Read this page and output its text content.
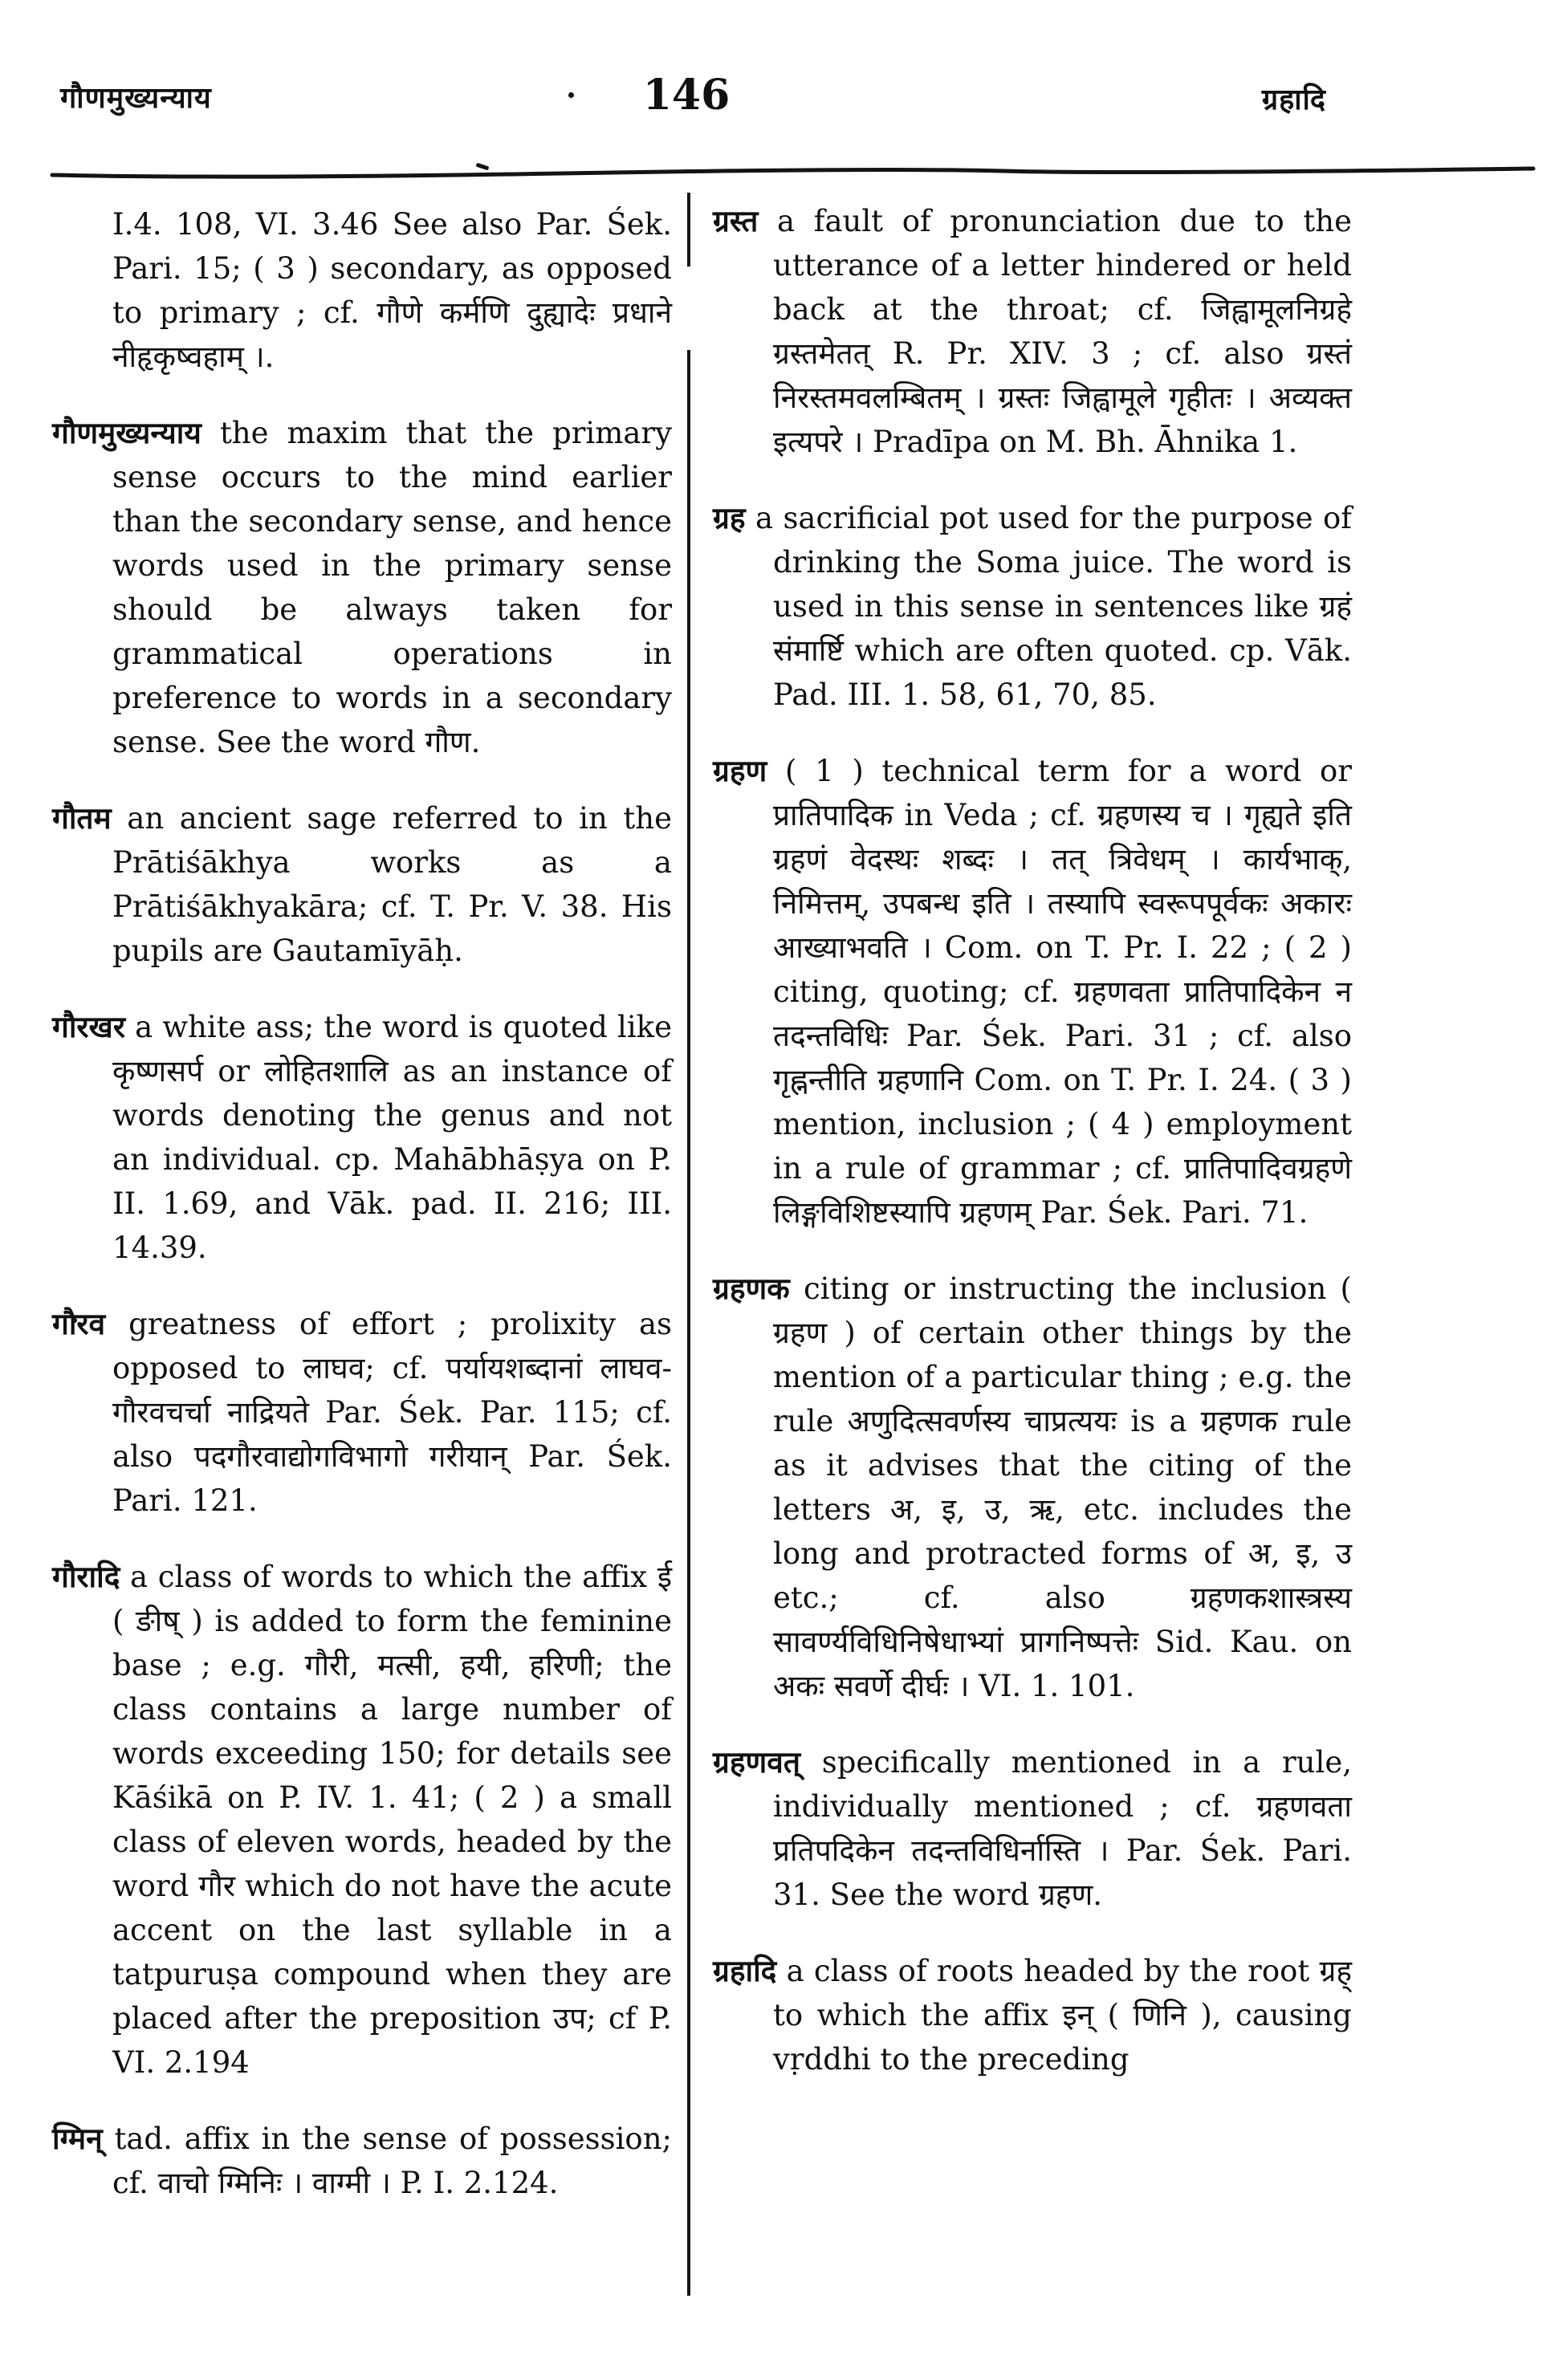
गौणमुख्यन्याय	146	ग्रहादि

I.4. 108, VI. 3.46 See also Par. Śek. Pari. 15; ( 3 ) secondary, as opposed to primary ; cf. गौणे कर्मणि दुह्यादेः प्रधाने नीहृकृष्वहाम् ।.

गौणमुख्यन्याय the maxim that the primary sense occurs to the mind earlier than the secondary sense, and hence words used in the primary sense should be always taken for grammatical operations in preference to words in a secondary sense. See the word गौण.

गौतम an ancient sage referred to in the Prātiśākhya works as a Prātiśākhyakāra; cf. T. Pr. V. 38. His pupils are Gautamīyāḥ.

गौरखर a white ass; the word is quoted like कृष्णसर्प or लोहितशालि as an instance of words denoting the genus and not an individual. cp. Mahābhāṣya on P. II. 1.69, and Vāk. pad. II. 216; III. 14.39.

गौरव greatness of effort ; prolixity as opposed to लाघव; cf. पर्यायशब्दानां लाघव-गौरवचर्चा नाद्रियते Par. Śek. Par. 115; cf. also पदगौरवाद्योगविभागो गरीयान् Par. Śek. Pari. 121.

गौरादि a class of words to which the affix ई ( ङीष् ) is added to form the feminine base ; e.g. गौरी, मत्सी, हयी, हरिणी; the class contains a large number of words exceeding 150; for details see Kāśikā on P. IV. 1. 41; ( 2 ) a small class of eleven words, headed by the word गौर which do not have the acute accent on the last syllable in a tatpuruṣa compound when they are placed after the preposition उप; cf P. VI. 2.194

ग्मिन् tad. affix in the sense of possession; cf. वाचो ग्मिनिः । वाग्मी । P. I. 2.124.

ग्रस्त a fault of pronunciation due to the utterance of a letter hindered or held back at the throat; cf. जिह्वामूलनिग्रहे ग्रस्तमेतत् R. Pr. XIV. 3 ; cf. also ग्रस्तं निरस्तमवलम्बितम् । ग्रस्तः जिह्वामूले गृहीतः । अव्यक्त इत्यपरे । Pradīpa on M. Bh. Āhnika 1.

ग्रह a sacrificial pot used for the purpose of drinking the Soma juice. The word is used in this sense in sentences like ग्रहं संमार्ष्टि which are often quoted. cp. Vāk. Pad. III. 1. 58, 61, 70, 85.

ग्रहण ( 1 ) technical term for a word or प्रातिपादिक in Veda ; cf. ग्रहणस्य च । गृह्यते इति ग्रहणं वेदस्थः शब्दः । तत् त्रिवेधम् । कार्यभाक्, निमित्तम्, उपबन्ध इति । तस्यापि स्वरूपपूर्वकः अकारः आख्याभवति । Com. on T. Pr. I. 22 ; ( 2 ) citing, quoting; cf. ग्रहणवता प्रातिपादिकेन न तदन्तविधिः Par. Śek. Pari. 31 ; cf. also गृह्नन्तीति ग्रहणानि Com. on T. Pr. I. 24. ( 3 ) mention, inclusion ; ( 4 ) employment in a rule of grammar ; cf. प्रातिपादिवग्रहणे लिङ्गविशिष्टस्यापि ग्रहणम् Par. Śek. Pari. 71.

ग्रहणक citing or instructing the inclusion ( ग्रहण ) of certain other things by the mention of a particular thing ; e.g. the rule अणुदित्सवर्णस्य चाप्रत्ययः is a ग्रहणक rule as it advises that the citing of the letters अ, इ, उ, ऋ, etc. includes the long and protracted forms of अ, इ, उ etc.; cf. also ग्रहणकशास्त्रस्य सावर्ण्यविधिनिषेधाभ्यां प्रागनिष्पत्तेः Sid. Kau. on अकः सवर्णे दीर्घः । VI. 1. 101.

ग्रहणवत् specifically mentioned in a rule, individually mentioned ; cf. ग्रहणवता प्रतिपदिकेन तदन्तविधिर्नास्ति । Par. Śek. Pari. 31. See the word ग्रहण.

ग्रहादि a class of roots headed by the root ग्रह् to which the affix इन् ( णिनि ), causing vṛddhi to the preceding
